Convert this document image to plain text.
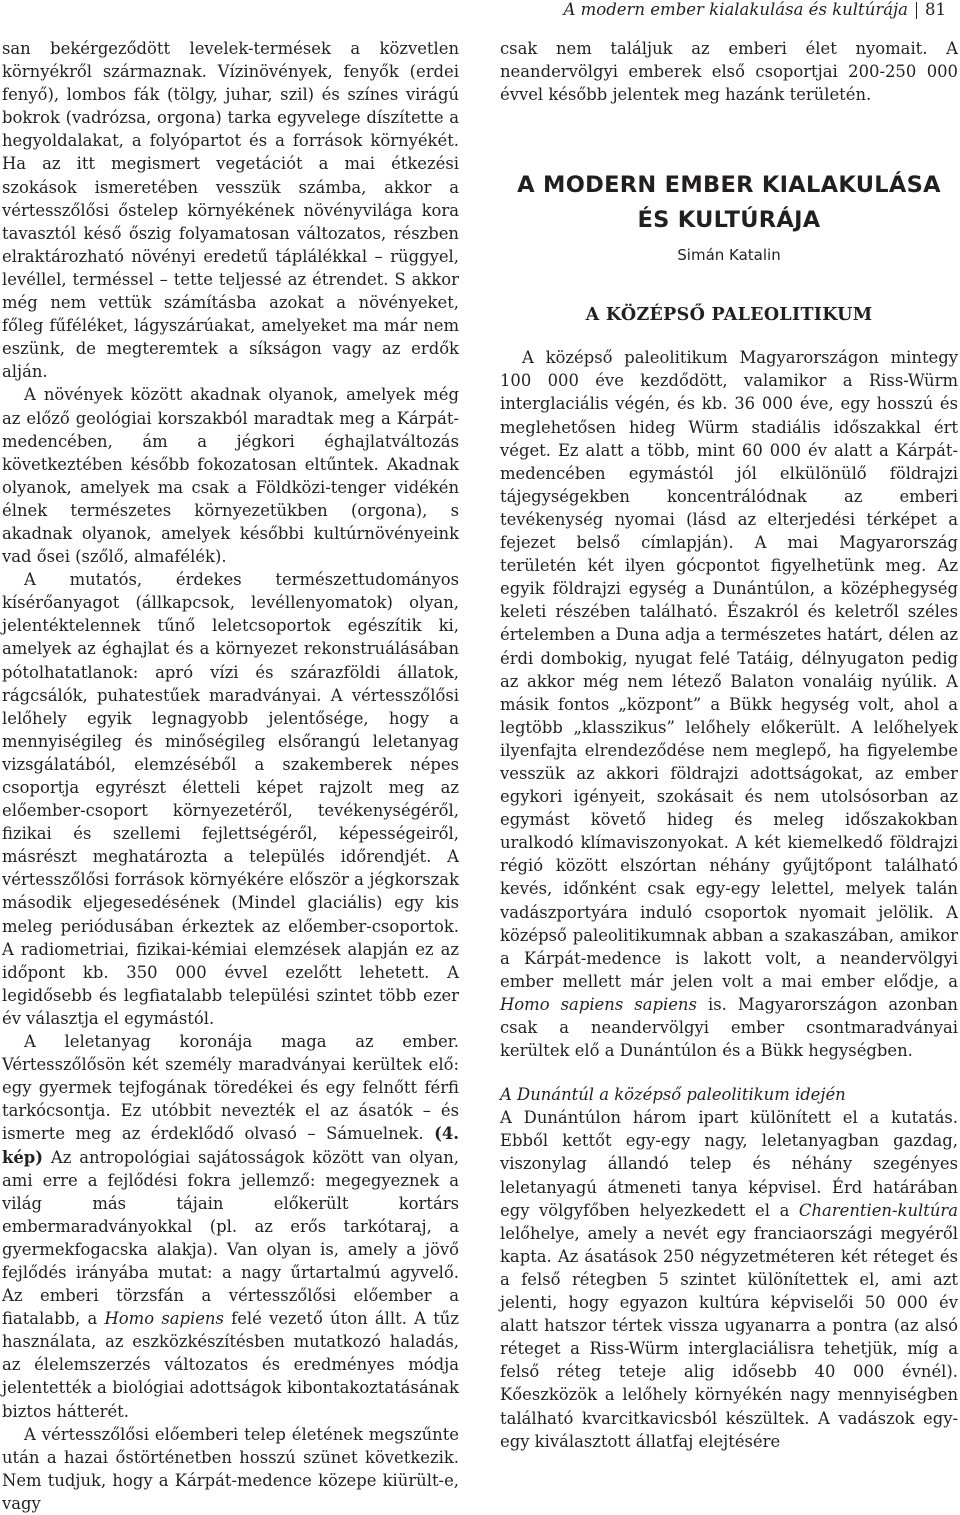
A modern ember kialakulása és kultúrája	81

san bekérgeződött levelek-termések a közvetlen környékről származnak. Vízinövények, fenyők (erdei fenyő), lombos fák (tölgy, juhar, szil) és színes virágú bokrok (vadrózsa, orgona) tarka egyvelege díszítette a hegyoldalakat, a folyópartot és a források környékét. Ha az itt megismert vegetációt a mai étkezési szokások ismeretében vesszük számba, akkor a vértesszőlősi őstelep környékének növényvilága kora tavasztól késő őszig folyamatosan változatos, részben elraktározható növényi eredetű táplálékkal – rüggyel, levéllel, terméssel – tette teljessé az étrendet. S akkor még nem vettük számításba azokat a növényeket, főleg fűféléket, lágyszárúakat, amelyeket ma már nem eszünk, de megteremtek a síkságon vagy az erdők alján.

A növények között akadnak olyanok, amelyek még az előző geológiai korszakból maradtak meg a Kárpát-medencében, ám a jégkori éghajlatváltozás következtében később fokozatosan eltűntek. Akadnak olyanok, amelyek ma csak a Földközi-tenger vidékén élnek természetes környezetükben (orgona), s akadnak olyanok, amelyek későbbi kultúrnövényeink vad ősei (szőlő, almafélék).

A mutatós, érdekes természettudományos kísérőanyagot (állkapcsok, levéllenyomatok) olyan, jelentéktelennek tűnő leletcsoportok egészítik ki, amelyek az éghajlat és a környezet rekonstruálásában pótolhatatlanok: apró vízi és szárazföldi állatok, rágcsálók, puhatestűek maradványai. A vértesszőlősi lelőhely egyik legnagyobb jelentősége, hogy a mennyiségileg és minőségileg elsőrangú leletanyag vizsgálatából, elemzéséből a szakemberek népes csoportja egyrészt életteli képet rajzolt meg az előember-csoport környezetéről, tevékenységéről, fizikai és szellemi fejlettségéről, képességeiről, másrészt meghatározta a település időrendjét. A vértesszőlősi források környékére először a jégkorszak második eljegesedésének (Mindel glaciális) egy kis meleg periódusában érkeztek az előember-csoportok. A radiometriai, fizikai-kémiai elemzések alapján ez az időpont kb. 350 000 évvel ezelőtt lehetett. A legidősebb és legfiatalabb települési szintet több ezer év választja el egymástól.

A leletanyag koronája maga az ember. Vértesszőlősön két személy maradványai kerültek elő: egy gyermek tejfogának töredékei és egy felnőtt férfi tarkócsontja. Ez utóbbit nevezték el az ásatók – és ismerte meg az érdeklődő olvasó – Sámuelnek. (4. kép) Az antropológiai sajátosságok között van olyan, ami erre a fejlődési fokra jellemző: megegyeznek a világ más tájain előkerült kortárs embermaradványokkal (pl. az erős tarkótaraj, a gyermekfogacska alakja). Van olyan is, amely a jövő fejlődés irányába mutat: a nagy űrtartalmú agyvelő. Az emberi törzsfán a vértesszőlősi előember a fiatalabb, a Homo sapiens felé vezető úton állt. A tűz használata, az eszközkészítésben mutatkozó haladás, az élelemszerzés változatos és eredményes módja jelentették a biológiai adottságok kibontakoztatásának biztos hátterét.

A vértesszőlősi előemberi telep életének megszűnte után a hazai őstörténetben hosszú szünet következik. Nem tudjuk, hogy a Kárpát-medence közepe kiürült-e, vagy

csak nem találjuk az emberi élet nyomait. A neandervölgyi emberek első csoportjai 200-250 000 évvel később jelentek meg hazánk területén.

A MODERN EMBER KIALAKULÁSA
ÉS KULTÚRÁJA
Simán Katalin
A KÖZÉPSŐ PALEOLITIKUM

A középső paleolitikum Magyarországon mintegy 100 000 éve kezdődött, valamikor a Riss-Würm interglaciális végén, és kb. 36 000 éve, egy hosszú és meglehetősen hideg Würm stadiális időszakkal ért véget. Ez alatt a több, mint 60 000 év alatt a Kárpát-medencében egymástól jól elkülönülő földrajzi tájegységekben koncentrálódnak az emberi tevékenység nyomai (lásd az elterjedési térképet a fejezet belső címlapján). A mai Magyarország területén két ilyen gócpontot figyelhetünk meg. Az egyik földrajzi egység a Dunántúlon, a középhegység keleti részében található. Északról és keletről széles értelemben a Duna adja a természetes határt, délen az érdi dombokig, nyugat felé Tatáig, délnyugaton pedig az akkor még nem létező Balaton vonaláig nyúlik. A másik fontos „központ” a Bükk hegység volt, ahol a legtöbb „klasszikus” lelőhely előkerült. A lelőhelyek ilyenfajta elrendeződése nem meglepő, ha figyelembe vesszük az akkori földrajzi adottságokat, az ember egykori igényeit, szokásait és nem utolsósorban az egymást követő hideg és meleg időszakokban uralkodó klímaviszonyokat. A két kiemelkedő földrajzi régió között elszórtan néhány gyűjtőpont található kevés, időnként csak egy-egy lelettel, melyek talán vadászportyára induló csoportok nyomait jelölik. A középső paleolitikumnak abban a szakaszában, amikor a Kárpát-medence is lakott volt, a neandervölgyi ember mellett már jelen volt a mai ember elődje, a Homo sapiens sapiens is. Magyarországon azonban csak a neandervölgyi ember csontmaradványai kerültek elő a Dunántúlon és a Bükk hegységben.

A Dunántúl a középső paleolitikum idején

A Dunántúlon három ipart különített el a kutatás. Ebből kettőt egy-egy nagy, leletanyagban gazdag, viszonylag állandó telep és néhány szegényes leletanyagú átmeneti tanya képvisel. Érd határában egy völgyfőben helyezkedett el a Charentien-kultúra lelőhelye, amely a nevét egy franciaországi megyéről kapta. Az ásatások 250 négyzetméteren két réteget és a felső rétegben 5 szintet különítettek el, ami azt jelenti, hogy egyazon kultúra képviselői 50 000 év alatt hatszor tértek vissza ugyanarra a pontra (az alsó réteget a Riss-Würm interglaciálisra tehetjük, míg a felső réteg teteje alig idősebb 40 000 évnél). Kőeszközök a lelőhely környékén nagy mennyiségben található kvarcitkavicsból készültek. A vadászok egy-egy kiválasztott állatfaj elejtésére
